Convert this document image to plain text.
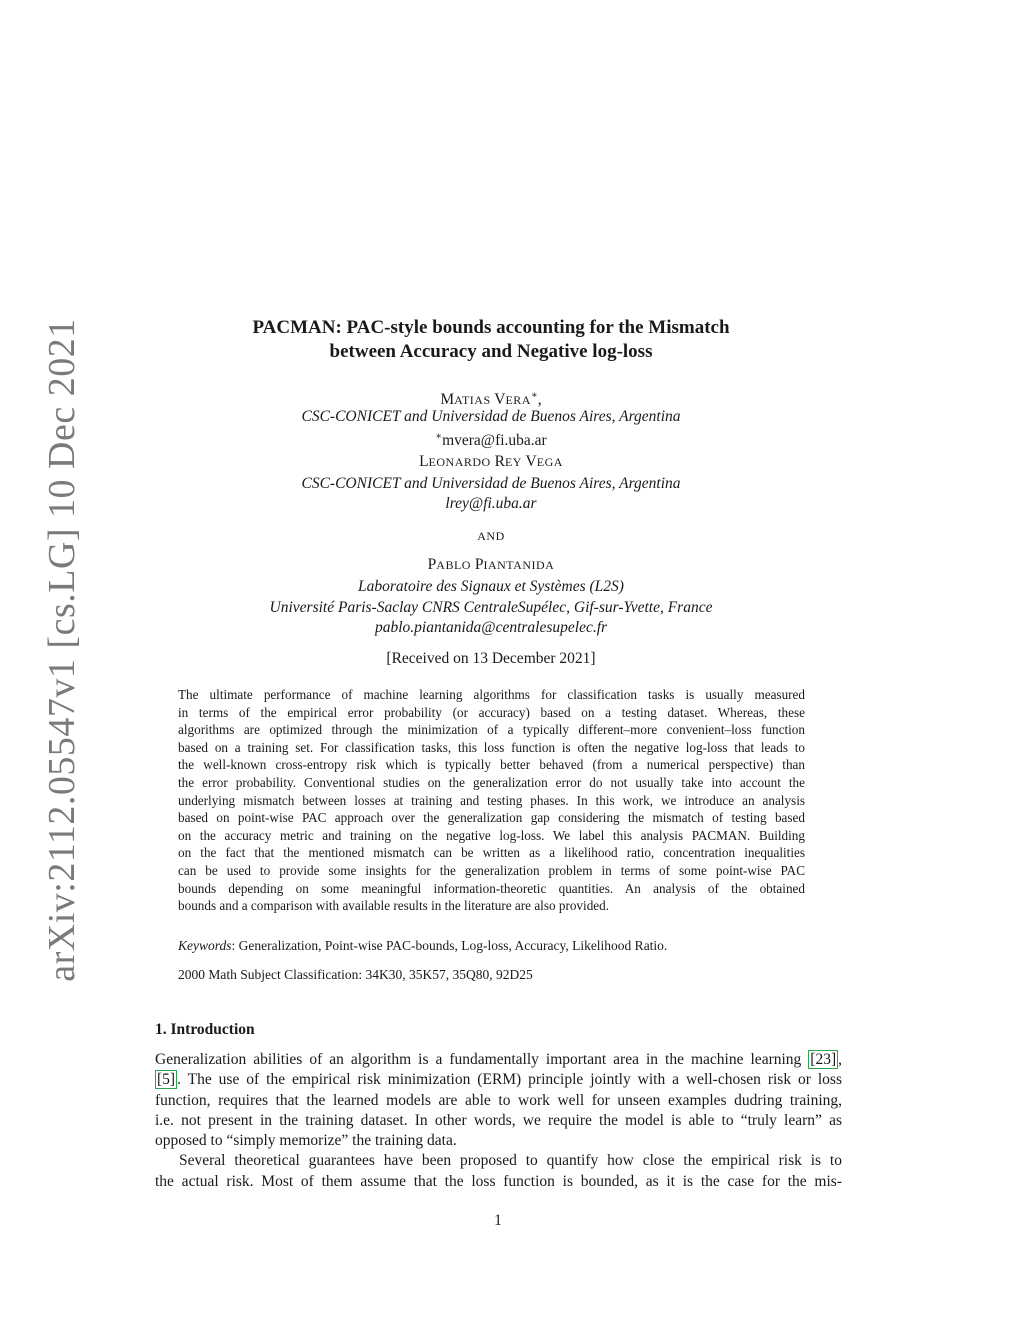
arXiv:2112.05547v1 [cs.LG] 10 Dec 2021	PACMAN: PAC-style bounds accounting for the Mismatch
between Accuracy and Negative log-loss
MATIAS VERA∗,
CSC-CONICET and Universidad de Buenos Aires, Argentina
∗mvera@fi.uba.ar
LEONARDO REY VEGA
CSC-CONICET and Universidad de Buenos Aires, Argentina
lrey@fi.uba.ar
AND
PABLO PIANTANIDA
Laboratoire des Signaux et Systèmes (L2S)
Université Paris-Saclay CNRS CentraleSupélec, Gif-sur-Yvette, France
pablo.piantanida@centralesupelec.fr
[Received on 13 December 2021]
The ultimate performance of machine learning algorithms for classification tasks is usually measured
in terms of the empirical error probability (or accuracy) based on a testing dataset. Whereas, these
algorithms are optimized through the minimization of a typically different–more convenient–loss function
based on a training set. For classification tasks, this loss function is often the negative log-loss that leads to
the well-known cross-entropy risk which is typically better behaved (from a numerical perspective) than
the error probability. Conventional studies on the generalization error do not usually take into account the
underlying mismatch between losses at training and testing phases. In this work, we introduce an analysis
based on point-wise PAC approach over the generalization gap considering the mismatch of testing based
on the accuracy metric and training on the negative log-loss. We label this analysis PACMAN. Building
on the fact that the mentioned mismatch can be written as a likelihood ratio, concentration inequalities
can be used to provide some insights for the generalization problem in terms of some point-wise PAC
bounds depending on some meaningful information-theoretic quantities. An analysis of the obtained
bounds and a comparison with available results in the literature are also provided.
Keywords: Generalization, Point-wise PAC-bounds, Log-loss, Accuracy, Likelihood Ratio.
2000 Math Subject Classification: 34K30, 35K57, 35Q80, 92D25
1. Introduction
Generalization abilities of an algorithm is a fundamentally important area in the machine learning [23] ,
[5] . The use of the empirical risk minimization (ERM) principle jointly with a well-chosen risk or loss
function, requires that the learned models are able to work well for unseen examples dudring training,
i.e. not present in the training dataset. In other words, we require the model is able to “truly learn” as
opposed to “simply memorize” the training data.
Several theoretical guarantees have been proposed to quantify how close the empirical risk is to
the actual risk. Most of them assume that the loss function is bounded, as it is the case for the mis-
1
